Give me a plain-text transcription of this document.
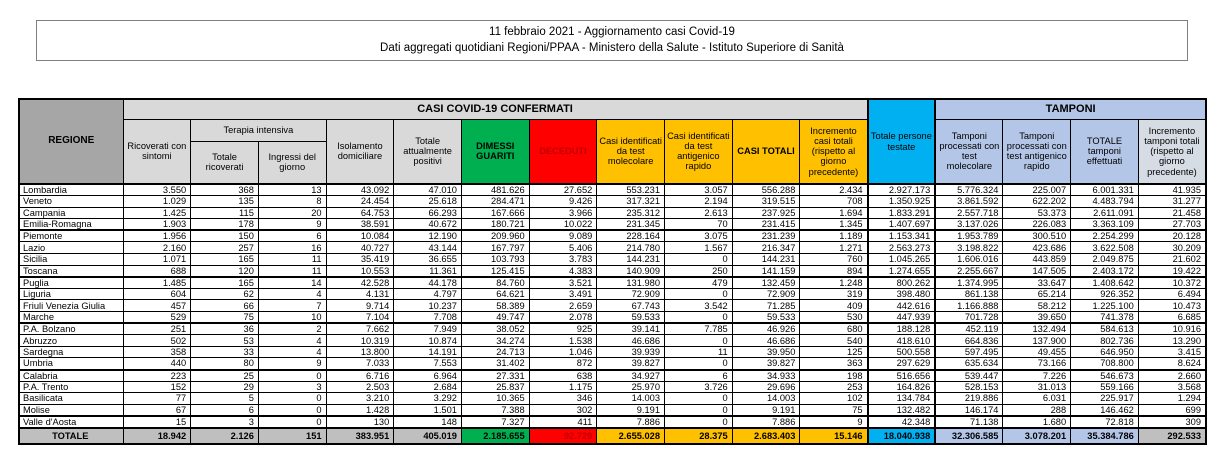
11 febbraio 2021 - Aggiornamento casi Covid-19
Dati aggregati quotidiani Regioni/PPAA - Ministero della Salute - Istituto Superiore di Sanità
REGIONE	CASI COVID-19 CONFERMATI											Totale persone testate	TAMPONI			
	Ricoverati con sintomi	Terapia intensiva		Isolamento domiciliare	Totale attualmente positivi	DIMESSI GUARITI	DECEDUTI	Casi identificati da test molecolare	Casi identificati da test antigenico rapido	CASI TOTALI	Incremento casi totali (rispetto al giorno precedente)		Tamponi processati con test molecolare	Tamponi processati con test antigenico rapido	TOTALE tamponi effettuati	Incremento tamponi totali (rispetto al giorno precedente)
		Totale ricoverati	Ingressi del giorno													
Lombardia	3.550	368	13	43.092	47.010	481.626	27.652	553.231	3.057	556.288	2.434	2.927.173	5.776.324	225.007	6.001.331	41.935
Veneto	1.029	135	8	24.454	25.618	284.471	9.426	317.321	2.194	319.515	708	1.350.925	3.861.592	622.202	4.483.794	31.277
Campania	1.425	115	20	64.753	66.293	167.666	3.966	235.312	2.613	237.925	1.694	1.833.291	2.557.718	53.373	2.611.091	21.458
Emilia-Romagna	1.903	178	9	38.591	40.672	180.721	10.022	231.345	70	231.415	1.345	1.407.697	3.137.026	226.083	3.363.109	27.703
Piemonte	1.956	150	6	10.084	12.190	209.960	9.089	228.164	3.075	231.239	1.189	1.153.341	1.953.789	300.510	2.254.299	20.128
Lazio	2.160	257	16	40.727	43.144	167.797	5.406	214.780	1.567	216.347	1.271	2.563.273	3.198.822	423.686	3.622.508	30.209
Sicilia	1.071	165	11	35.419	36.655	103.793	3.783	144.231	0	144.231	760	1.045.265	1.606.016	443.859	2.049.875	21.602
Toscana	688	120	11	10.553	11.361	125.415	4.383	140.909	250	141.159	894	1.274.655	2.255.667	147.505	2.403.172	19.422
Puglia	1.485	165	14	42.528	44.178	84.760	3.521	131.980	479	132.459	1.248	800.262	1.374.995	33.647	1.408.642	10.372
Liguria	604	62	4	4.131	4.797	64.621	3.491	72.909	0	72.909	319	398.480	861.138	65.214	926.352	6.494
Friuli Venezia Giulia	457	66	7	9.714	10.237	58.389	2.659	67.743	3.542	71.285	409	442.616	1.166.888	58.212	1.225.100	10.473
Marche	529	75	10	7.104	7.708	49.747	2.078	59.533	0	59.533	530	447.939	701.728	39.650	741.378	6.685
P.A. Bolzano	251	36	2	7.662	7.949	38.052	925	39.141	7.785	46.926	680	188.128	452.119	132.494	584.613	10.916
Abruzzo	502	53	4	10.319	10.874	34.274	1.538	46.686	0	46.686	540	418.610	664.836	137.900	802.736	13.290
Sardegna	358	33	4	13.800	14.191	24.713	1.046	39.939	11	39.950	125	500.558	597.495	49.455	646.950	3.415
Umbria	440	80	9	7.033	7.553	31.402	872	39.827	0	39.827	363	297.629	635.634	73.166	708.800	8.624
Calabria	223	25	0	6.716	6.964	27.331	638	34.927	6	34.933	198	516.656	539.447	7.226	546.673	2.660
P.A. Trento	152	29	3	2.503	2.684	25.837	1.175	25.970	3.726	29.696	253	164.826	528.153	31.013	559.166	3.568
Basilicata	77	5	0	3.210	3.292	10.365	346	14.003	0	14.003	102	134.784	219.886	6.031	225.917	1.294
Molise	67	6	0	1.428	1.501	7.388	302	9.191	0	9.191	75	132.482	146.174	288	146.462	699
Valle d'Aosta	15	3	0	130	148	7.327	411	7.886	0	7.886	9	42.348	71.138	1.680	72.818	309
TOTALE	18.942	2.126	151	383.951	405.019	2.185.655	92.729	2.655.028	28.375	2.683.403	15.146	18.040.938	32.306.585	3.078.201	35.384.786	292.533
